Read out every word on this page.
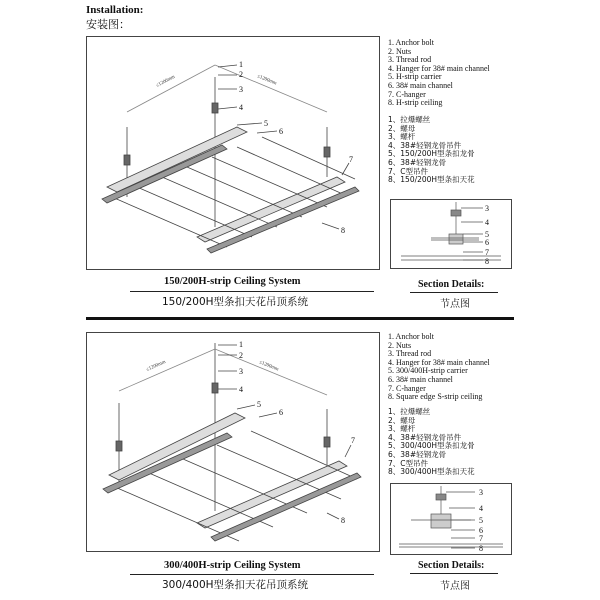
Installation:
安装图：
1
2
3
4
5
6
7
8
≤1200mm	≤1200mm
150/200H-strip Ceiling System
150/200H型条扣天花吊顶系统
1. Anchor bolt
2. Nuts
3. Thread rod
4. Hanger for 38# main channel
5. H-strip carrier
6. 38# main channel
7. C-hanger
8. H-strip ceiling
1、拉爆螺丝
2、螺母
3、螺杆
4、38#轻钢龙骨吊件
5、150/200H型条扣龙骨
6、38#轻钢龙骨
7、C型吊件
8、150/200H型条扣天花
3
4
5
6
7
8
Section Details:
节点图
1
2
3
4
5
6
7
8
≤1200mm	≤1200mm
300/400H-strip Ceiling System
300/400H型条扣天花吊顶系统
1. Anchor bolt
2. Nuts
3. Thread rod
4. Hanger for 38# main channel
5. 300/400H-strip carrier
6. 38# main channel
7. C-hanger
8. Square edge S-strip ceiling
1、拉爆螺丝
2、螺母
3、螺杆
4、38#轻钢龙骨吊件
5、300/400H型条扣龙骨
6、38#轻钢龙骨
7、C型吊件
8、300/400H型条扣天花
3
4
5
6
7
8
Section Details:
节点图
